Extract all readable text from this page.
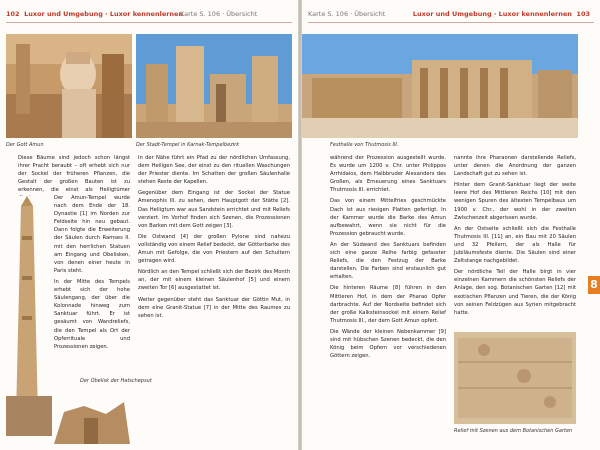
102 Luxor und Umgebung · Luxor kennenlernen
Karte S. 106 · Übersicht
Der Gott Amun	Der Stadt-Tempel in Karnak-Tempelbezirk

Diese Bäume sind jedoch schon längst ihrer Pracht beraubt – oft erhebt sich nur der Sockel der früheren Pflanzen, die Gestalt der großen Bauten ist zu erkennen, die einst als Heiligtümer

Der Amun-Tempel wurde nach dem Ende der 18. Dynastie [1] im Norden zur Feldseite hin neu gebaut. Dann folgte die Erweiterung der Säulen durch Ramses II. mit den herrlichen Statuen am Eingang und Obelisken, von denen einer heute in Paris steht.

In der Mitte des Tempels erhebt sich der hohe Säulengang, der über die Kolonnade hinweg zum Sanktuar führt. Er ist gesäumt von Wandreliefs, die den Tempel als Ort der Opferrituale und Prozessionen zeigen.

Der Obelisk der Hatschepsut

In der Nähe führt ein Pfad zu der nördlichen Umfassung, dem Heiligen See, der einst zu den rituellen Waschungen der Priester diente. Im Schatten der großen Säulenhalle stehen Reste der Kapellen.

Gegenüber dem Eingang ist der Sockel der Statue Amenophis III. zu sehen, dem Hauptgott der Stätte [2]. Das Heiligtum war aus Sandstein errichtet und mit Reliefs verziert. Im Vorhof finden sich Szenen, die Prozessionen von Barken mit dem Gott zeigen [3].

Die Ostwand [4] der großen Pylone sind nahezu vollständig von einem Relief bedeckt, der Götterbarke des Amun mit Gefolge, die von Priestern auf den Schultern getragen wird.

Nördlich an den Tempel schließt sich der Bezirk des Month an, der mit einem kleinen Säulenhof [5] und einem zweiten Tor [6] ausgestattet ist.

Weiter gegenüber steht das Sanktuar der Göttin Mut, in dem eine Granit-Statue [7] in der Mitte des Raumes zu sehen ist.

Karte S. 106 · Übersicht	Luxor und Umgebung · Luxor kennenlernen 103
Festhalle von Thutmosis III.

während der Prozession ausgestellt wurde. Es wurde um 1200 v. Chr. unter Philippos Arrhidaios, dem Halbbruder Alexanders des Großen, als Erneuerung eines Sanktuars Thutmosis III. errichtet.

Das von einem Mittelfries geschmückte Dach ist aus riesigen Platten gefertigt. In der Kammer wurde die Barke des Amun aufbewahrt, wenn sie nicht für die Prozession gebraucht wurde.

An der Südwand des Sanktuars befinden sich eine ganze Reihe farbig gefasster Reliefs, die den Festzug der Barke darstellen. Die Farben sind erstaunlich gut erhalten.

Die hinteren Räume [8] führen in den Mittleren Hof, in dem der Pharao Opfer darbrachte. Auf der Nordseite befindet sich der große Kalksteinsockel mit einem Relief Thutmosis III., der dem Gott Amun opfert.

Die Wände der kleinen Nebenkammer [9] sind mit hübschen Szenen bedeckt, die den König beim Opfern vor verschiedenen Göttern zeigen.

nannte ihre Pharaonen darstellende Reliefs, unter denen die Anordnung der ganzen Landschaft gut zu sehen ist.

Hinter dem Granit-Sanktuar liegt der weite leere Hof des Mittleren Reichs [10] mit den wenigen Spuren des ältesten Tempelbaus um 1900 v. Chr., der wohl in der zweiten Zwischenzeit abgerissen wurde.

An der Ostseite schließt sich die Festhalle Thutmosis III. [11] an, ein Bau mit 20 Säulen und 32 Pfeilern, der als Halle für Jubiläumsfeste diente. Die Säulen sind einer Zeltstange nachgebildet.

Der nördliche Teil der Halle birgt in vier einzelnen Kammern die schönsten Reliefs der Anlage, den sog. Botanischen Garten [12] mit exotischen Pflanzen und Tieren, die der König von seinen Feldzügen aus Syrien mitgebracht hatte.

Relief mit Szenen aus dem Botanischen Garten
8
